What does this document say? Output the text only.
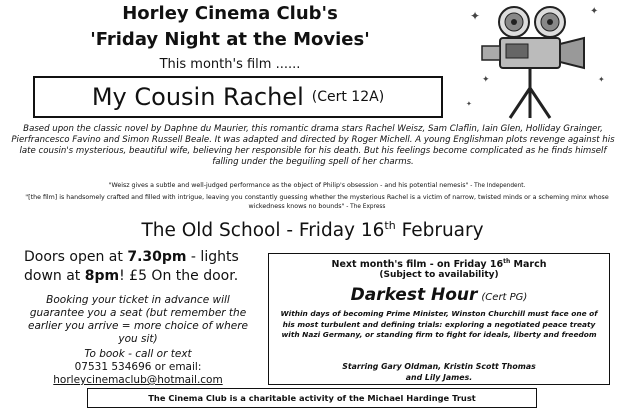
Horley Cinema Club's
'Friday Night at the Movies'
This month's film ......
My Cousin Rachel (Cert 12A)
✦
✦
✦
✦
✦
Based upon the classic novel by Daphne du Maurier, this romantic drama stars Rachel Weisz, Sam Claflin, Iain Glen, Holliday Grainger, Pierfrancesco Favino and Simon Russell Beale. It was adapted and directed by Roger Michell. A young Englishman plots revenge against his late cousin's mysterious, beautiful wife, believing her responsible for his death. But his feelings become complicated as he finds himself falling under the beguiling spell of her charms.

"Weisz gives a subtle and well-judged performance as the object of Philip's obsession - and his potential nemesis" - The Independent.

"[the film] is handsomely crafted and filled with intrigue, leaving you constantly guessing whether the mysterious Rachel is a victim of narrow, twisted minds or a scheming minx whose wickedness knows no bounds" - The Express

The Old School - Friday 16th February
Doors open at 7.30pm - lights down at 8pm! £5 On the door.
Booking your ticket in advance will guarantee you a seat (but remember the earlier you arrive = more choice of where you sit)
To book - call or text
07531 534696 or email:
horleycinemaclub@hotmail.com
Next month's film - on Friday 16th March
(Subject to availability)
Darkest Hour (Cert PG)
Within days of becoming Prime Minister, Winston Churchill must face one of his most turbulent and defining trials: exploring a negotiated peace treaty with Nazi Germany, or standing firm to fight for ideals, liberty and freedom
Starring Gary Oldman, Kristin Scott Thomas
and Lily James.
The Cinema Club is a charitable activity of the Michael Hardinge Trust
